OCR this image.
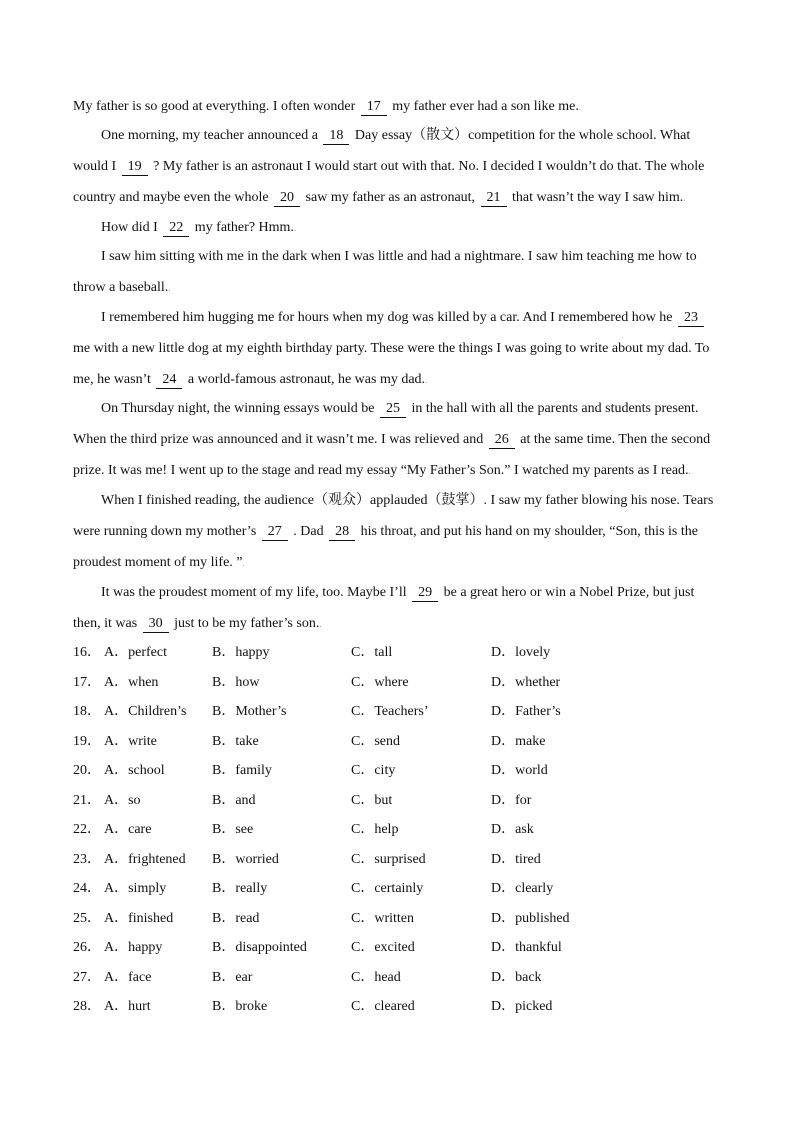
My father is so good at everything. I often wonder 17 my father ever had a son like me..
One morning, my teacher announced a 18 Day essay（散文）competition for the whole school. What
would I 19 ? My father is an astronaut I would start out with that. No. I decided I wouldn’t do that. The whole
country and maybe even the whole 20 saw my father as an astronaut, 21 that wasn’t the way I saw him..
How did I 22 my father? Hmm..
I saw him sitting with me in the dark when I was little and had a nightmare. I saw him teaching me how to
throw a baseball..
I remembered him hugging me for hours when my dog was killed by a car. And I remembered how he 23
me with a new little dog at my eighth birthday party. These were the things I was going to write about my dad. To
me, he wasn’t 24 a world-famous astronaut, he was my dad..
On Thursday night, the winning essays would be 25 in the hall with all the parents and students present.
When the third prize was announced and it wasn’t me. I was relieved and 26 at the same time. Then the second
prize. It was me! I went up to the stage and read my essay “My Father’s Son.” I watched my parents as I read..
When I finished reading, the audience（观众）applauded（鼓掌）. I saw my father blowing his nose. Tears
were running down my mother’s 27 . Dad 28 his throat, and put his hand on my shoulder, “Son, this is the
proudest moment of my life. ”.
It was the proudest moment of my life, too. Maybe I’ll 29 be a great hero or win a Nobel Prize, but just
then, it was 30 just to be my father’s son..
16． A．perfect	B．happy	C．tall	D．lovely
17． A．when	B．how	C．where	D．whether
18． A．Children’s B．Mother’s	C．Teachers’	D．Father’s
19． A．write	B．take	C．send	D．make
20． A．school	B．family	C．city	D．world
21． A．so	B．and	C．but	D．for
22． A．care	B．see	C．help	D．ask
23． A．frightened B．worried	C．surprised	D．tired
24． A．simply	B．really	C．certainly	D．clearly
25． A．finished	B．read	C．written	D．published
26． A．happy	B．disappointed	C．excited	D．thankful
27． A．face	B．ear	C．head	D．back
28． A．hurt	B．broke	C．cleared	D．picked
